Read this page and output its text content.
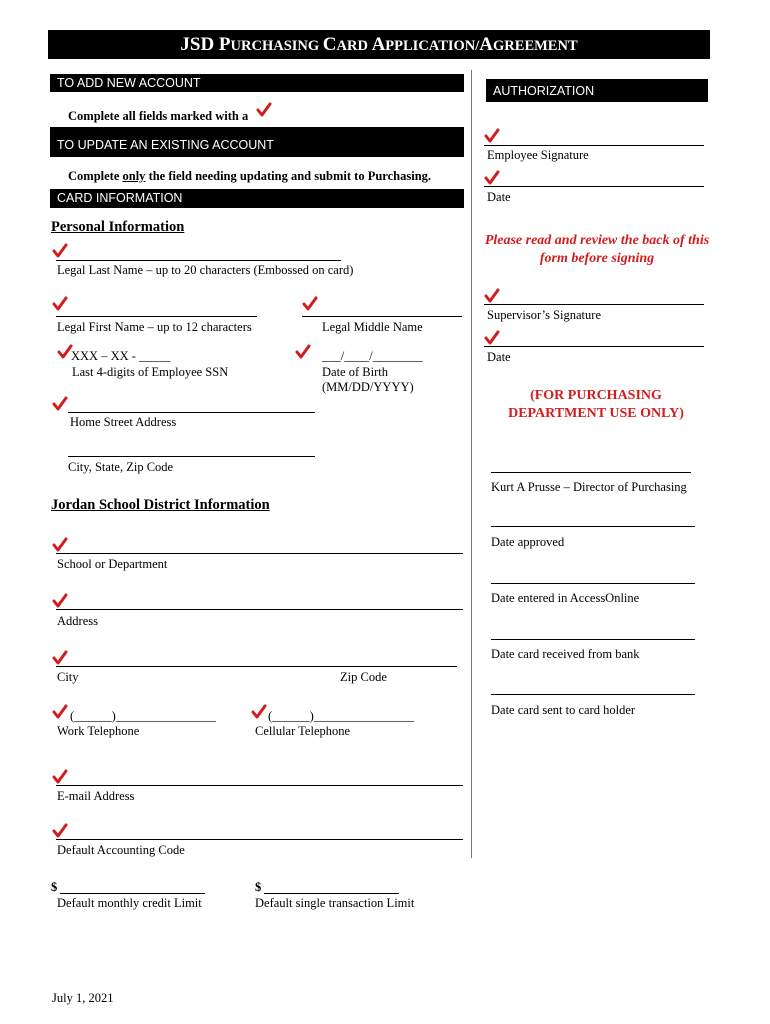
JSD PURCHASING CARD APPLICATION/AGREEMENT
TO ADD NEW ACCOUNT
Complete all fields marked with a
TO UPDATE AN EXISTING ACCOUNT
Complete only the field needing updating and submit to Purchasing.
CARD INFORMATION
Personal Information
Legal Last Name – up to 20 characters (Embossed on card)
Legal First Name – up to 12 characters	Legal Middle Name
XXX – XX - _____
Last 4-digits of Employee SSN
___/____/________
Date of Birth
(MM/DD/YYYY)
Home Street Address
City, State, Zip Code
Jordan School District Information
School or Department
Address
City	Zip Code
(______)________________
Work Telephone
(______)________________
Cellular Telephone
E-mail Address
Default Accounting Code
$
Default monthly credit Limit
$
Default single transaction Limit
July 1, 2021
AUTHORIZATION
Employee Signature
Date
Please read and review the back of this form before signing
Supervisor’s Signature
Date
(FOR PURCHASING DEPARTMENT USE ONLY)
Kurt A Prusse – Director of Purchasing
Date approved
Date entered in AccessOnline
Date card received from bank
Date card sent to card holder
